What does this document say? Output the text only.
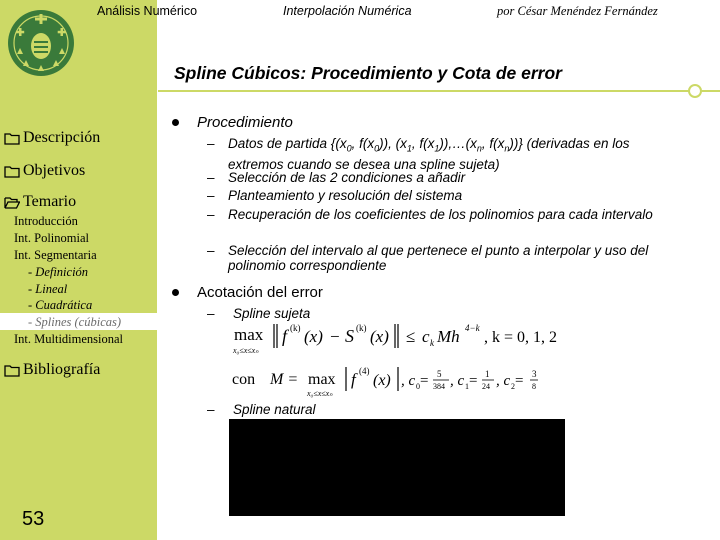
Descripción
Objetivos
Temario
Introducción
Int. Polinomial
Int. Segmentaria
- Definición
- Lineal
- Cuadrática
- Splines (cúbicas)
Int. Multidimensional
Bibliografía
53
Análisis Numérico	Interpolación Numérica	por César Menéndez Fernández
Spline Cúbicos: Procedimiento y Cota de error
Procedimiento
– Datos de partida {($x_0$, $f(x_0)$), ($x_1$, $f(x_1)),\dots(x_n$, $f(x_n)$)} (derivadas en los extremos cuando se desea una spline sujeta)
– Selección de las 2 condiciones a añadir
– Planteamiento y resolución del sistema
– Recuperación de los coeficientes de los polinomios para cada intervalo
– Selección del intervalo al que pertenece el punto a interpolar y uso del polinomio correspondiente
Acotación del error
– Spline sujeta
max
x₀≤x≤xₙ
f (k) (x) − S (k) (x) ≤ c k Mh 4−k
, k = 0, 1, 2
con M = max
x₀≤x≤xₙ
f (4)
(x) , c 0 = 5
384 , c 1 = 1
24 , c 2 = 3
8
– Spline natural
